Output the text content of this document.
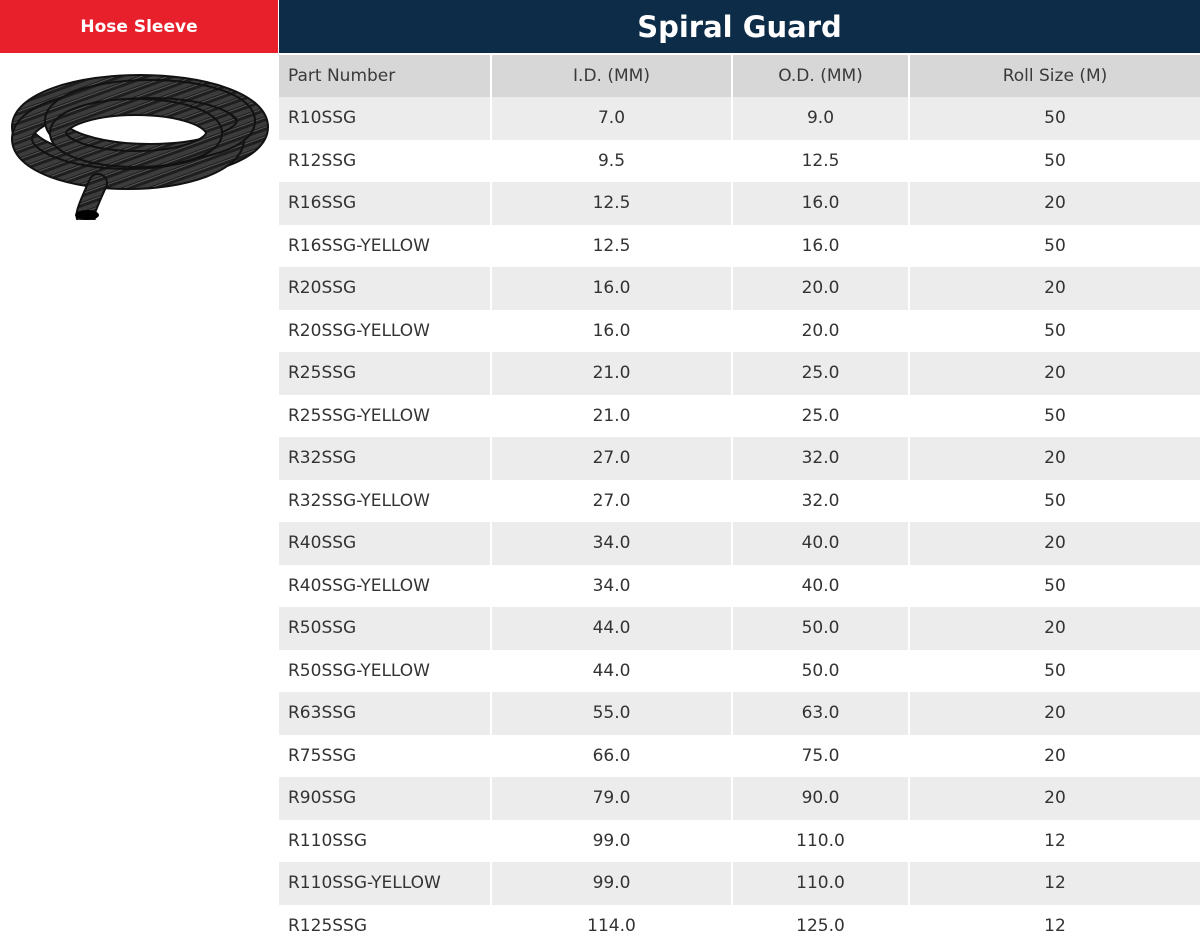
Hose Sleeve	Spiral Guard
Part Number	I.D. (MM)	O.D. (MM)	Roll Size (M)
R10SSG	7.0	9.0	50
R12SSG	9.5	12.5	50
R16SSG	12.5	16.0	20
R16SSG-YELLOW	12.5	16.0	50
R20SSG	16.0	20.0	20
R20SSG-YELLOW	16.0	20.0	50
R25SSG	21.0	25.0	20
R25SSG-YELLOW	21.0	25.0	50
R32SSG	27.0	32.0	20
R32SSG-YELLOW	27.0	32.0	50
R40SSG	34.0	40.0	20
R40SSG-YELLOW	34.0	40.0	50
R50SSG	44.0	50.0	20
R50SSG-YELLOW	44.0	50.0	50
R63SSG	55.0	63.0	20
R75SSG	66.0	75.0	20
R90SSG	79.0	90.0	20
R110SSG	99.0	110.0	12
R110SSG-YELLOW	99.0	110.0	12
R125SSG	114.0	125.0	12
